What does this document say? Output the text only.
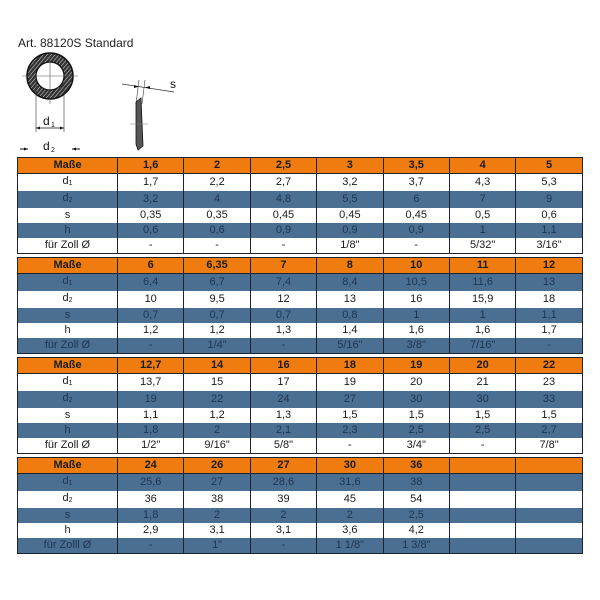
Art. 88120S Standard
d 1
d 2
s
Maße	1,6	2	2,5	3	3,5	4	5
$d_1$	1,7	2,2	2,7	3,2	3,7	4,3	5,3
$d_2$	3,2	4	4,8	5,5	6	7	9
s	0,35	0,35	0,45	0,45	0,45	0,5	0,6
h	0,6	0,6	0,9	0,9	0,9	1	1,1
für Zoll Ø	-	-	-	1/8"	-	5/32"	3/16"
Maße	6	6,35	7	8	10	11	12
$d_1$	6,4	6,7	7,4	8,4	10,5	11,6	13
$d_2$	10	9,5	12	13	16	15,9	18
s	0,7	0,7	0,7	0,8	1	1	1,1
h	1,2	1,2	1,3	1,4	1,6	1,6	1,7
für Zoll Ø	-	1/4"	-	5/16"	3/8"	7/16"	-
Maße	12,7	14	16	18	19	20	22
$d_1$	13,7	15	17	19	20	21	23
$d_2$	19	22	24	27	30	30	33
s	1,1	1,2	1,3	1,5	1,5	1,5	1,5
h	1,8	2	2,1	2,3	2,5	2,5	2,7
für Zoll Ø	1/2"	9/16"	5/8"	-	3/4"	-	7/8"
Maße	24	26	27	30	36		
$d_1$	25,6	27	28,6	31,6	38		
$d_2$	36	38	39	45	54		
s	1,8	2	2	2	2,5		
h	2,9	3,1	3,1	3,6	4,2		
für Zolll Ø	-	1"	-	1 1/8"	1 3/8"		
